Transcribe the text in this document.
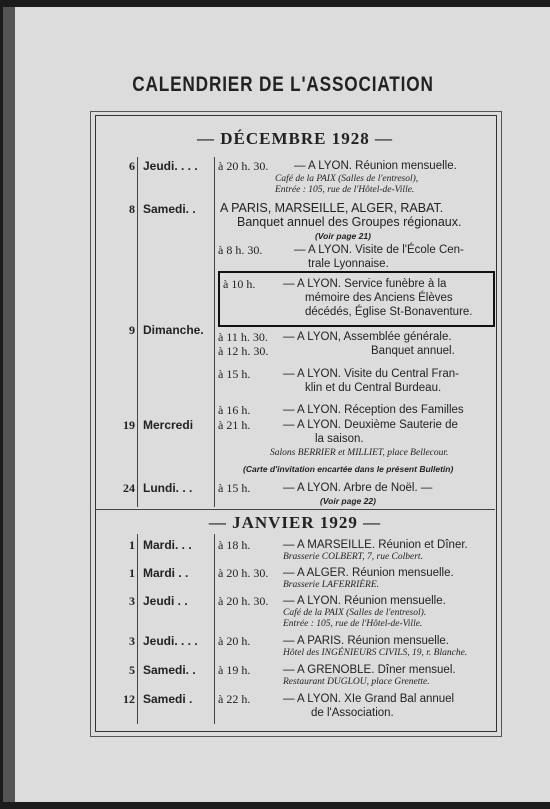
CALENDRIER DE L'ASSOCIATION
— DÉCEMBRE 1928 —
6 Jeudi. . . . à 20 h. 30. — A LYON. Réunion mensuelle.
Café de la PAIX (Salles de l'entresol),
Entrée : 105, rue de l'Hôtel-de-Ville.
8 Samedi. . A PARIS, MARSEILLE, ALGER, RABAT.
Banquet annuel des Groupes régionaux.
(Voir page 21)
à 8 h. 30.	— A LYON. Visite de l'École Cen-
trale Lyonnaise.
à 10 h. — A LYON. Service funèbre à la
mémoire des Anciens Élèves
décédés, Église St-Bonaventure.
9 Dimanche. à 11 h. 30. — A LYON, Assemblée générale.
à 12 h. 30.	Banquet annuel.
à 15 h.	— A LYON. Visite du Central Fran-
klin et du Central Burdeau.
à 16 h.	— A LYON. Réception des Familles
19 Mercredi à 21 h.	— A LYON. Deuxième Sauterie de
la saison.
Salons BERRIER et MILLIET, place Bellecour.
(Carte d'invitation encartée dans le présent Bulletin)
24 Lundi. . . à 15 h.	— A LYON. Arbre de Noël. —
(Voir page 22)
— JANVIER 1929 —
1 Mardi. . . à 18 h.	— A MARSEILLE. Réunion et Dîner.
Brasserie COLBERT, 7, rue Colbert.
1 Mardi . . à 20 h. 30. — A ALGER. Réunion mensuelle.
Brasserie LAFERRIÈRE.
3 Jeudi . .	à 20 h. 30. — A LYON. Réunion mensuelle.
Café de la PAIX (Salles de l'entresol).
Entrée : 105, rue de l'Hôtel-de-Ville.
3 Jeudi. . . . à 20 h.	— A PARIS. Réunion mensuelle.
Hôtel des INGÉNIEURS CIVILS, 19, r. Blanche.
5 Samedi. . à 19 h.	— A GRENOBLE. Dîner mensuel.
Restaurant DUGLOU, place Grenette.
12 Samedi . à 22 h.	— A LYON. XIe Grand Bal annuel
de l'Association.
